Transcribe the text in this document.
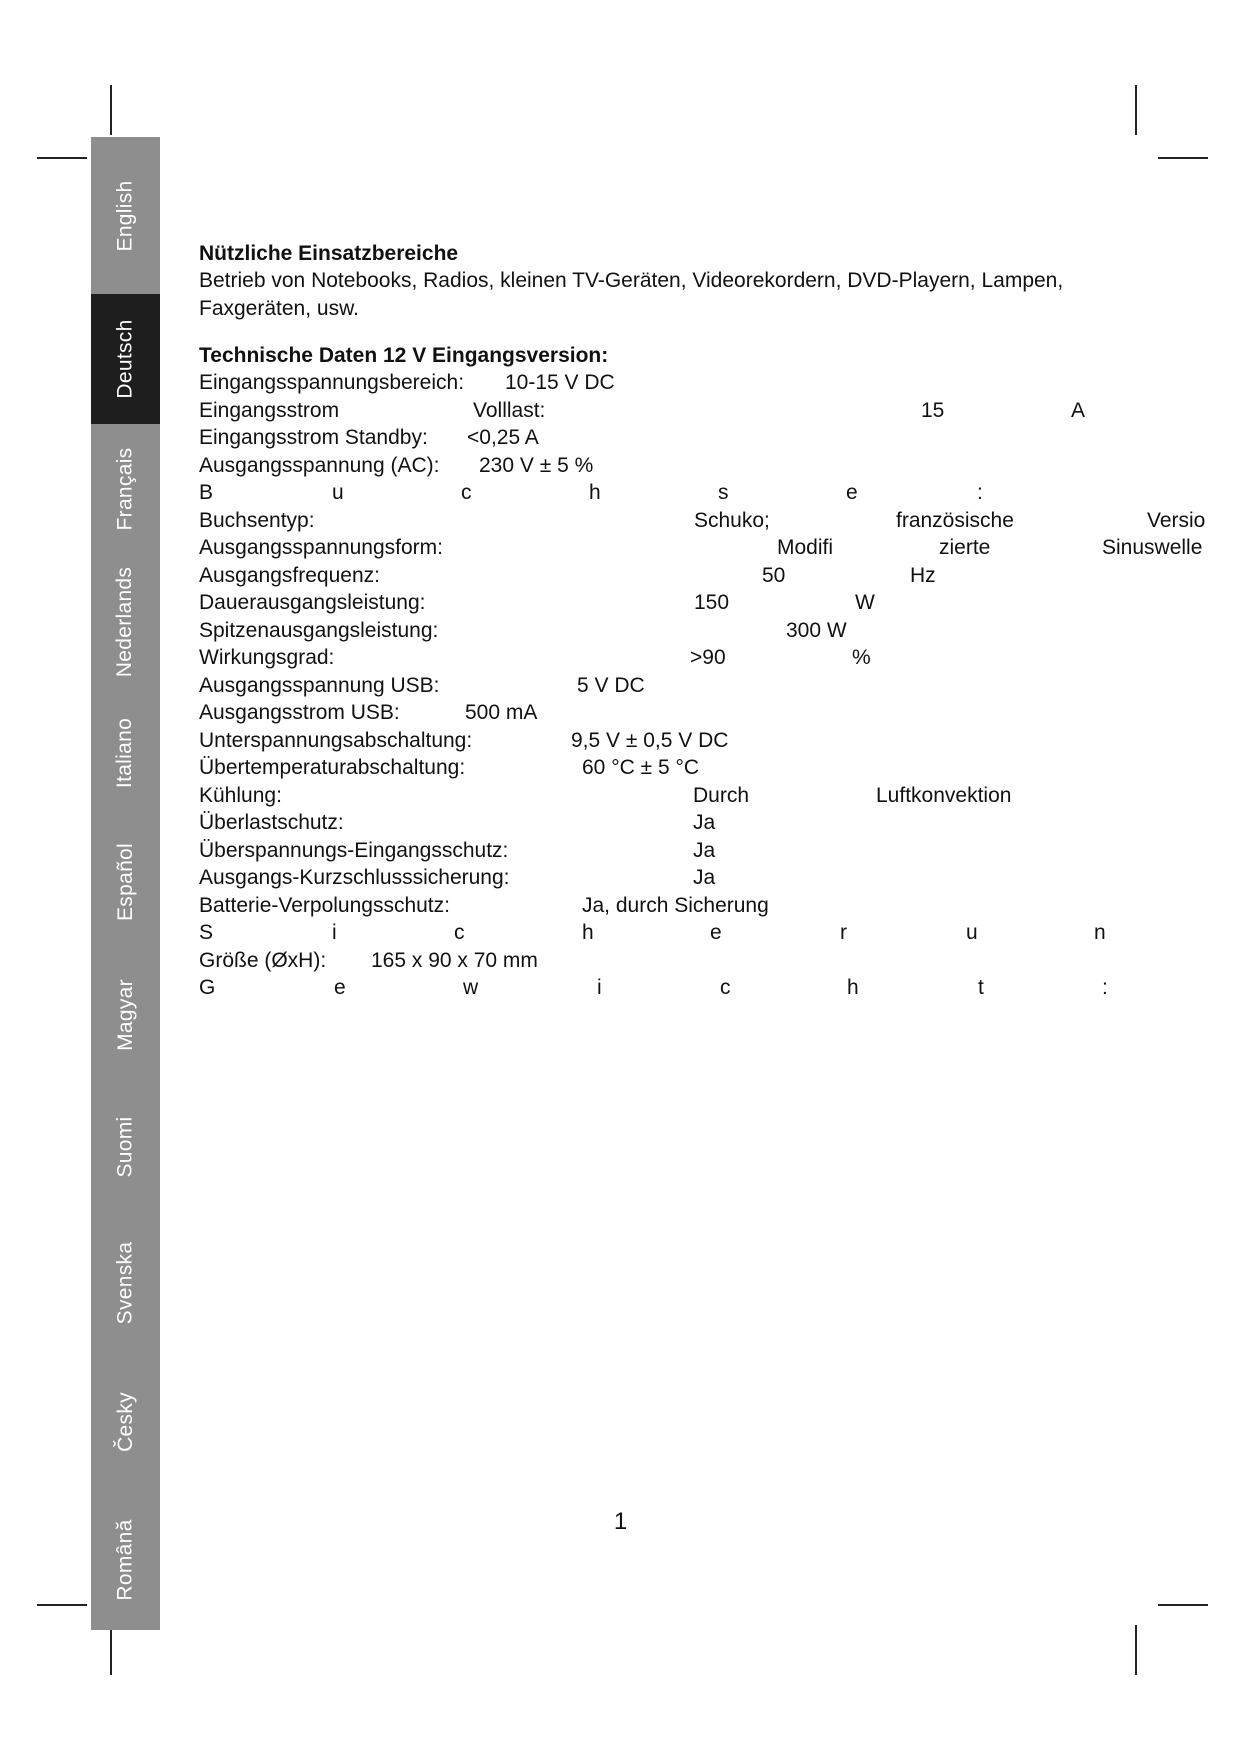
English
Deutsch
Français
Nederlands
Italiano
Español
Magyar
Suomi
Svenska
Česky
Română

Nützliche Einsatzbereiche

Betrieb von Notebooks, Radios, kleinen TV-Geräten, Videorekordern, DVD-Playern, Lampen, Faxgeräten, usw.

Technische Daten 12 V Eingangsversion:

Eingangsspannungsbereich: 10-15 V DC
Eingangsstrom	Volllast:	15	A
Eingangsstrom Standby: <0,25 A
Ausgangsspannung (AC): 230 V ± 5 %
B	u	c	h	s	e	:
Buchsentyp:	Schuko;	französische	Versio
Ausgangsspannungsform:	Modifi	zierte	Sinuswelle
Ausgangsfrequenz:	50	Hz
Dauerausgangsleistung:	150	W
Spitzenausgangsleistung:	300 W
Wirkungsgrad:	>90	%
Ausgangsspannung USB:	5 V DC
Ausgangsstrom USB:	500 mA
Unterspannungsabschaltung:	9,5 V ± 0,5 V DC
Übertemperaturabschaltung:	60 °C ± 5 °C
Kühlung:	Durch	Luftkonvektion
Überlastschutz:	Ja
Überspannungs-Eingangsschutz:	Ja
Ausgangs-Kurzschlusssicherung:	Ja
Batterie-Verpolungsschutz:	Ja, durch Sicherung
S	i	c	h	e	r	u	n
Größe (ØxH): 165 x 90 x 70 mm
G	e	w	i	c	h	t	:
1
